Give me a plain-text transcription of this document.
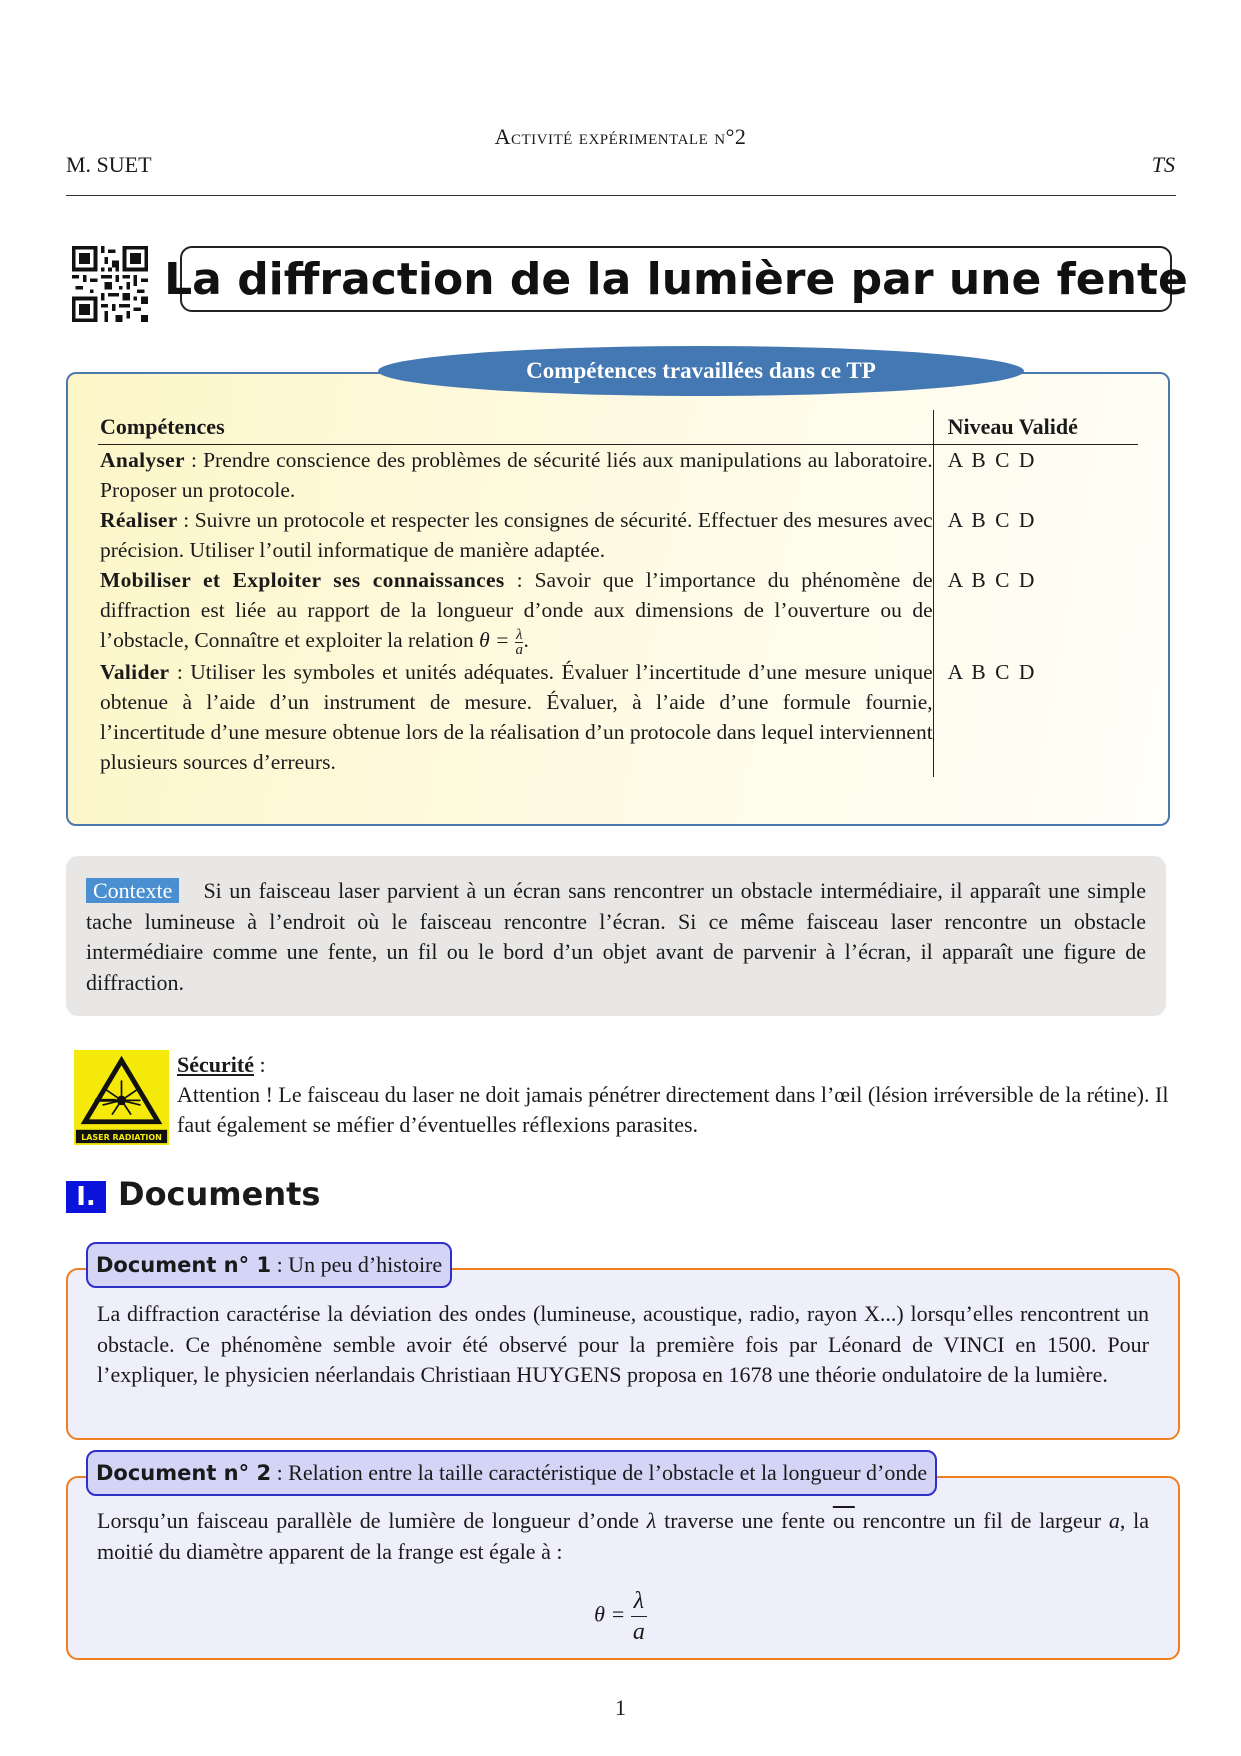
Activité expérimentale n°2
M. SUET	TS
La diffraction de la lumière par une fente
Compétences travaillées dans ce TP
Compétences	Niveau Validé
Analyser : Prendre conscience des problèmes de sécurité liés aux manipulations au laboratoire. Proposer un protocole.
A B C D
Réaliser : Suivre un protocole et respecter les consignes de sécurité. Effectuer des mesures avec précision. Utiliser l’outil informatique de manière adaptée.
A B C D
Mobiliser et Exploiter ses connaissances : Savoir que l’importance du phénomène de diffraction est liée au rapport de la longueur d’onde aux dimensions de l’ouverture ou de l’obstacle, Connaître et exploiter la relation $\theta = \frac{\lambda}{a}$ .
A B C D
Valider : Utiliser les symboles et unités adéquates. Évaluer l’incertitude d’une mesure unique obtenue à l’aide d’un instrument de mesure. Évaluer, à l’aide d’une formule fournie, l’incertitude d’une mesure obtenue lors de la réalisation d’un protocole dans lequel interviennent plusieurs sources d’erreurs.
A B C D
Contexte Si un faisceau laser parvient à un écran sans rencontrer un obstacle intermédiaire, il apparaît une simple tache lumineuse à l’endroit où le faisceau rencontre l’écran. Si ce même faisceau laser rencontre un obstacle intermédiaire comme une fente, un fil ou le bord d’un objet avant de parvenir à l’écran, il apparaît une figure de diffraction.
LASER RADIATION
Sécurité :
Attention ! Le faisceau du laser ne doit jamais pénétrer directement dans l’œil (lésion irréversible de la rétine). Il faut également se méfier d’éventuelles réflexions parasites.
I. Documents
Document n° 1 : Un peu d’histoire
La diffraction caractérise la déviation des ondes (lumineuse, acoustique, radio, rayon X...) lorsqu’elles rencontrent un obstacle. Ce phénomène semble avoir été observé pour la première fois par Léonard de VINCI en 1500. Pour l’expliquer, le physicien néerlandais Christiaan HUYGENS proposa en 1678 une théorie ondulatoire de la lumière.
Document n° 2 : Relation entre la taille caractéristique de l’obstacle et la longueur d’onde
Lorsqu’un faisceau parallèle de lumière de longueur d’onde λ traverse une fente $\overline{ou}$ rencontre un fil de largeur a, la moitié du diamètre apparent de la frange est égale à :
$\theta = \frac{\lambda}{a}$
1
